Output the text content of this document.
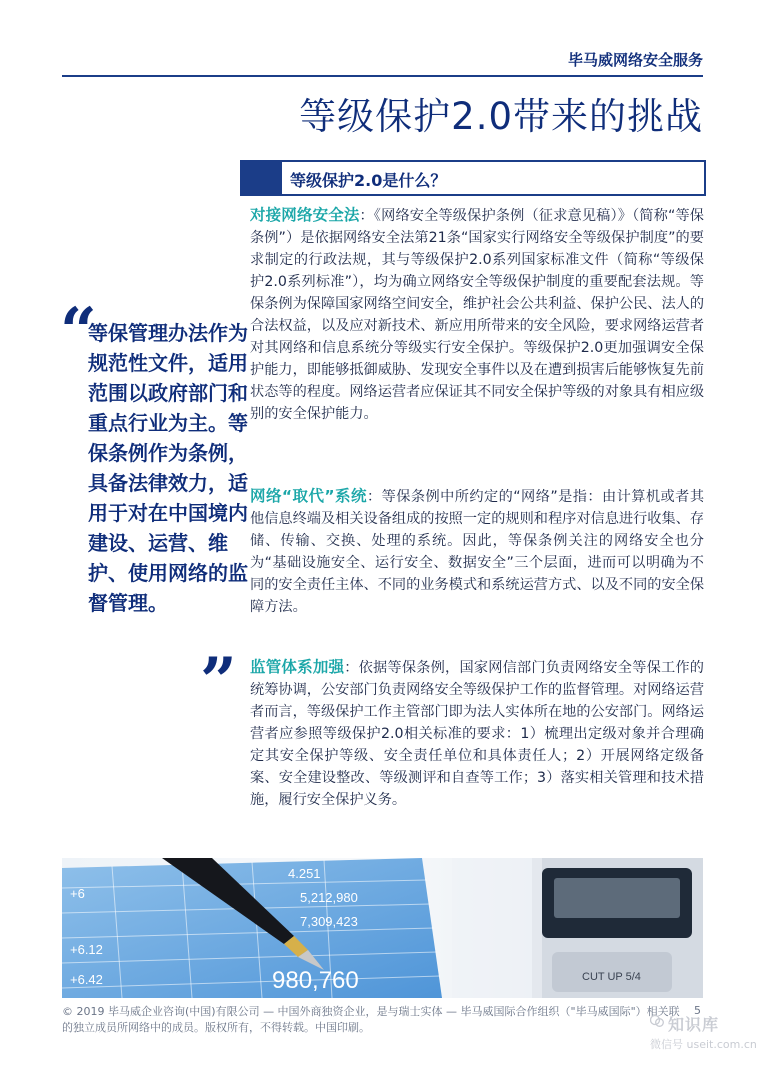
毕马威网络安全服务
等级保护2.0带来的挑战
等级保护2.0是什么？
“
等保管理办法作为规范性文件，适用范围以政府部门和重点行业为主。等保条例作为条例，具备法律效力，适用于对在中国境内建设、运营、维护、使用网络的监督管理。
”
对接网络安全法：《网络安全等级保护条例（征求意见稿）》（简称“等保条例”）是依据网络安全法第21条“国家实行网络安全等级保护制度”的要求制定的行政法规，其与等级保护2.0系列国家标准文件（简称“等级保护2.0系列标准”），均为确立网络安全等级保护制度的重要配套法规。等保条例为保障国家网络空间安全，维护社会公共利益、保护公民、法人的合法权益，以及应对新技术、新应用所带来的安全风险，要求网络运营者对其网络和信息系统分等级实行安全保护。等级保护2.0更加强调安全保护能力，即能够抵御威胁、发现安全事件以及在遭到损害后能够恢复先前状态等的程度。网络运营者应保证其不同安全保护等级的对象具有相应级别的安全保护能力。
网络“取代”系统：等保条例中所约定的“网络”是指：由计算机或者其他信息终端及相关设备组成的按照一定的规则和程序对信息进行收集、存储、传输、交换、处理的系统。因此，等保条例关注的网络安全也分为“基础设施安全、运行安全、数据安全”三个层面，进而可以明确为不同的安全责任主体、不同的业务模式和系统运营方式、以及不同的安全保障方法。
监管体系加强：依据等保条例，国家网信部门负责网络安全等保工作的统筹协调，公安部门负责网络安全等级保护工作的监督管理。对网络运营者而言，等级保护工作主管部门即为法人实体所在地的公安部门。网络运营者应参照等级保护2.0相关标准的要求：1）梳理出定级对象并合理确定其安全保护等级、安全责任单位和具体责任人；2）开展网络定级备案、安全建设整改、等级测评和自查等工作；3）落实相关管理和技术措施，履行安全保护义务。
4.251
5,212,980
7,309,423
980,760
+6
+6.12
+6.42	CUT UP 5/4
© 2019 毕马威企业咨询(中国)有限公司 — 中国外商独资企业，是与瑞士实体 — 毕马威国际合作组织（"毕马威国际"）相关联的独立成员所网络中的成员。版权所有，不得转载。中国印刷。
5
知识库
微信号 useit.com.cn
